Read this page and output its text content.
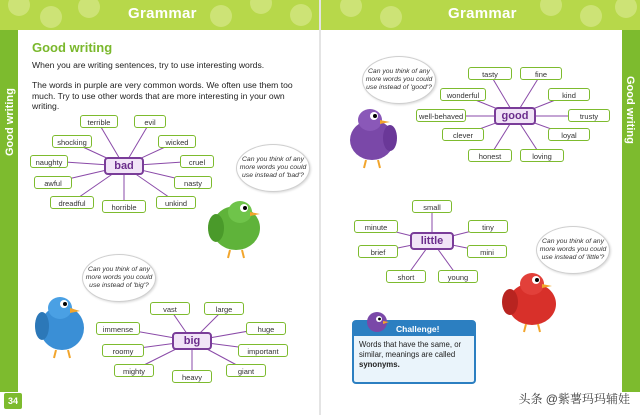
Grammar	Grammar
Good writing	Good writing
34
Good writing
When you are writing sentences, try to use interesting words.
The words in purple are very common words. We often use them too
much. Try to use other words that are more interesting in your own
writing.
bad
terrible	evil
shocking	wicked
naughty	cruel
awful	nasty
dreadful	horrible	unkind
big
vast	large
immense	huge
roomy	important
mighty
heavy
giant
good
tasty	fine
wonderful	kind
well-behaved	trusty
clever	loyal
honest	loving
little
small
minute	tiny
brief	mini
short	young
Can you think of any more words you could use instead of 'bad'?
Can you think of any more words you could use instead of 'big'?
Can you think of any more words you could use instead of 'good'?
Can you think of any more words you could use instead of 'little'?
Challenge!
Words that have the same, or similar, meanings are called synonyms.
头条 @紫薯玛玛辅娃
